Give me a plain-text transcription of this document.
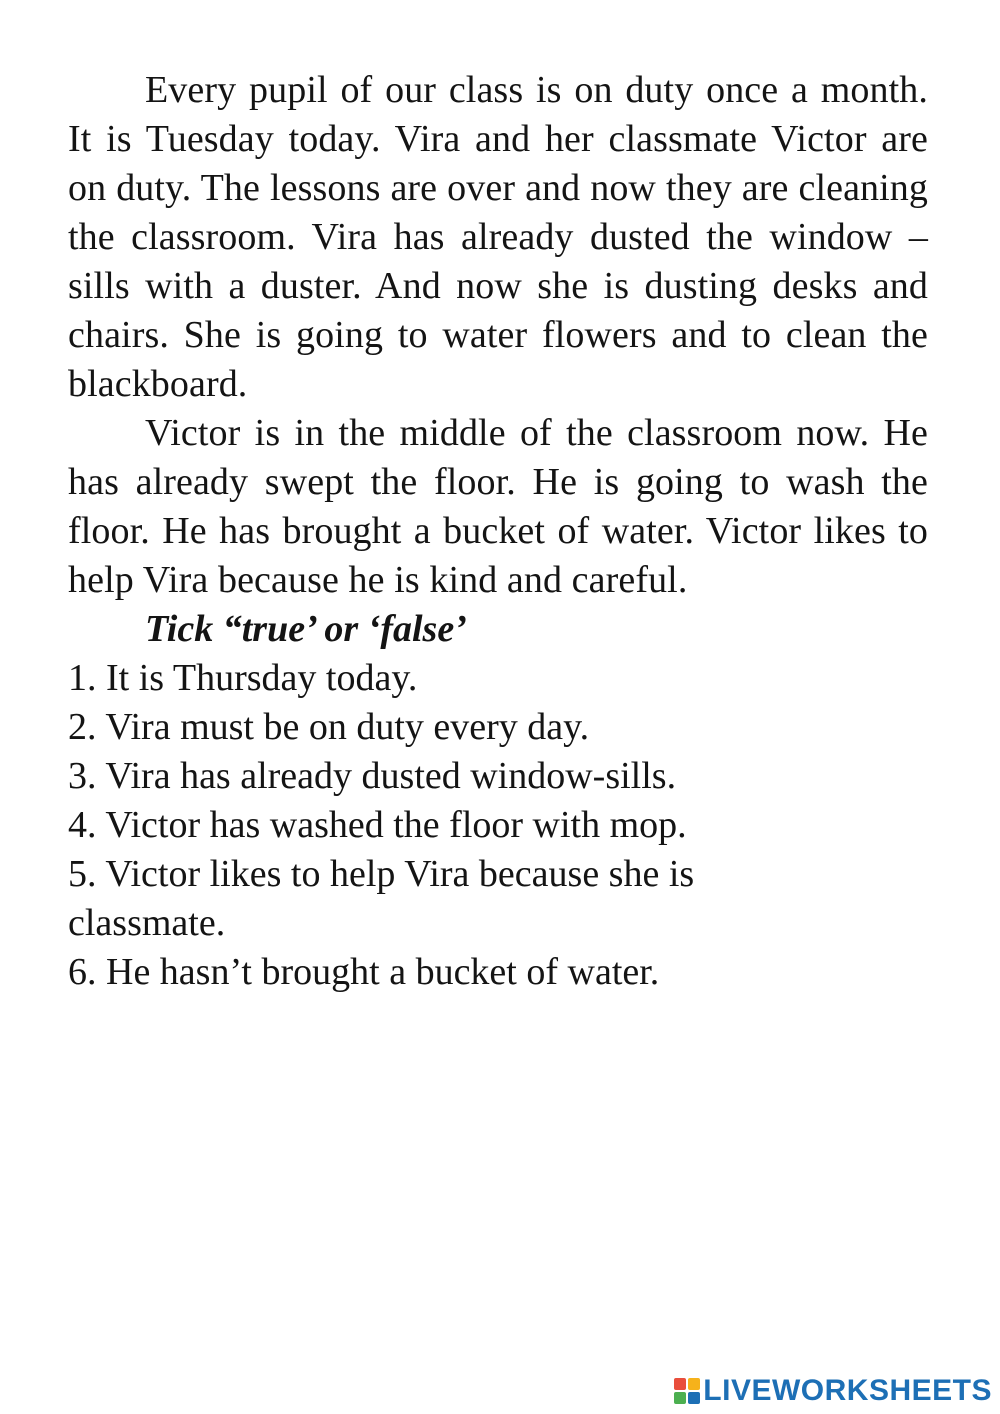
Every pupil of our class is on duty once a month. It is Tuesday today. Vira and her classmate Victor are on duty. The lessons are over and now they are cleaning the classroom. Vira has already dusted the window –sills with a duster. And now she is dusting desks and chairs. She is going to water flowers and to clean the blackboard.

Victor is in the middle of the classroom now. He has already swept the floor. He is going to wash the floor. He has brought a bucket of water. Victor likes to help Vira because he is kind and careful.

Tick “true’ or ‘false’

1. It is Thursday today.
2. Vira must be on duty every day.
3. Vira has already dusted window-sills.
4. Victor has washed the floor with mop.
5. Victor likes to help Vira because she is classmate.
6. He hasn’t brought a bucket of water.
LIVEWORKSHEETS
